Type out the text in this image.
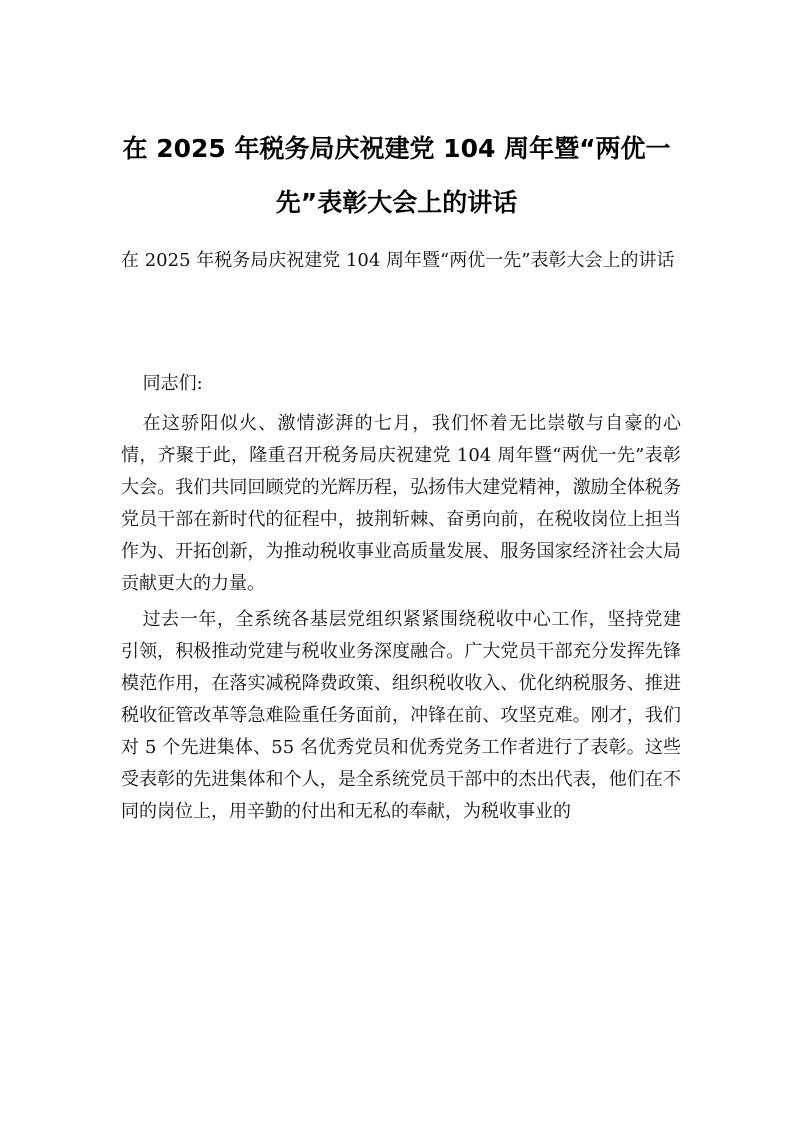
在 2025 年税务局庆祝建党 104 周年暨“两优一先”表彰大会上的讲话

在 2025 年税务局庆祝建党 104 周年暨“两优一先”表彰大会上的讲话

同志们:

在这骄阳似火、激情澎湃的七月，我们怀着无比崇敬与自豪的心情，齐聚于此，隆重召开税务局庆祝建党 104 周年暨“两优一先”表彰大会。我们共同回顾党的光辉历程，弘扬伟大建党精神，激励全体税务党员干部在新时代的征程中，披荆斩棘、奋勇向前，在税收岗位上担当作为、开拓创新，为推动税收事业高质量发展、服务国家经济社会大局贡献更大的力量。

过去一年，全系统各基层党组织紧紧围绕税收中心工作，坚持党建引领，积极推动党建与税收业务深度融合。广大党员干部充分发挥先锋模范作用，在落实减税降费政策、组织税收收入、优化纳税服务、推进税收征管改革等急难险重任务面前，冲锋在前、攻坚克难。刚才，我们对 5 个先进集体、55 名优秀党员和优秀党务工作者进行了表彰。这些受表彰的先进集体和个人，是全系统党员干部中的杰出代表，他们在不同的岗位上，用辛勤的付出和无私的奉献，为税收事业的
